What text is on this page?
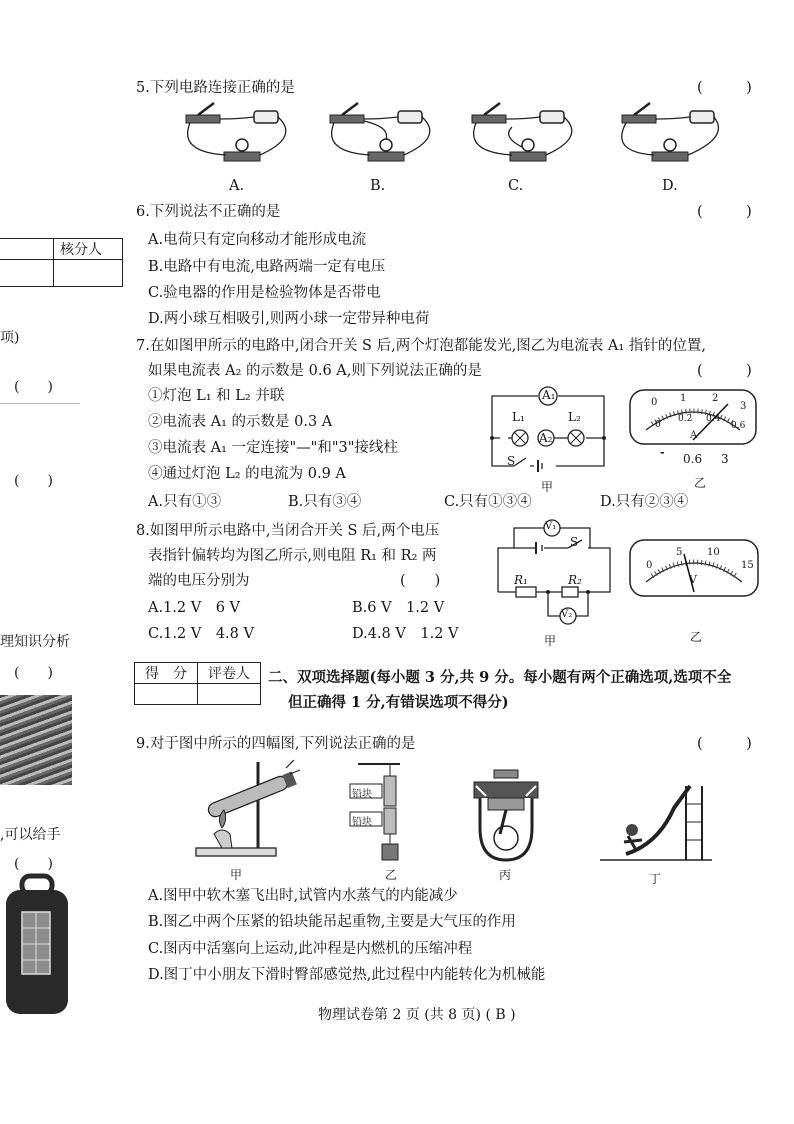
	核分人

项)
(　　)
(　　)
理知识分析
(　　)
,可以给手
(　　)
5.下列电路连接正确的是	(　　　)
A.	B.	C.	D.
6.下列说法不正确的是	(　　　)
A.电荷只有定向移动才能形成电流
B.电路中有电流,电路两端一定有电压
C.验电器的作用是检验物体是否带电
D.两小球互相吸引,则两小球一定带异种电荷
7.在如图甲所示的电路中,闭合开关 S 后,两个灯泡都能发光,图乙为电流表 A₁ 指针的位置,
如果电流表 A₂ 的示数是 0.6 A,则下列说法正确的是	(　　　)
①灯泡 L₁ 和 L₂ 并联
②电流表 A₁ 的示数是 0.3 A
③电流表 A₁ 一定连接"—"和"3"接线柱
④通过灯泡 L₂ 的电流为 0.9 A
A₁
L₁	L₂
A₂
S
甲
0 1	2
3
0
0.2 0.4
0.6
A
- 0.6 3
乙
A.只有①③	B.只有③④	C.只有①③④	D.只有②③④
8.如图甲所示电路中,当闭合开关 S 后,两个电压
表指针偏转均为图乙所示,则电阻 R₁ 和 R₂ 两
端的电压分别为	(　　)
A.1.2 V　6 V	B.6 V　1.2 V
C.1.2 V　4.8 V	D.4.8 V　1.2 V
V₁
S
R₁	R₂
V₂
甲
0
5 10
15
V
乙
得　分	评卷人
	二、双项选择题(每小题 3 分,共 9 分。每小题有两个正确选项,选项不全
但正确得 1 分,有错误选项不得分)
9.对于图中所示的四幅图,下列说法正确的是	(　　　)
甲
铅块
铅块
乙	丙	丁
A.图甲中软木塞飞出时,试管内水蒸气的内能减少
B.图乙中两个压紧的铅块能吊起重物,主要是大气压的作用
C.图丙中活塞向上运动,此冲程是内燃机的压缩冲程
D.图丁中小朋友下滑时臀部感觉热,此过程中内能转化为机械能
物理试卷第 2 页 (共 8 页) ( B )
